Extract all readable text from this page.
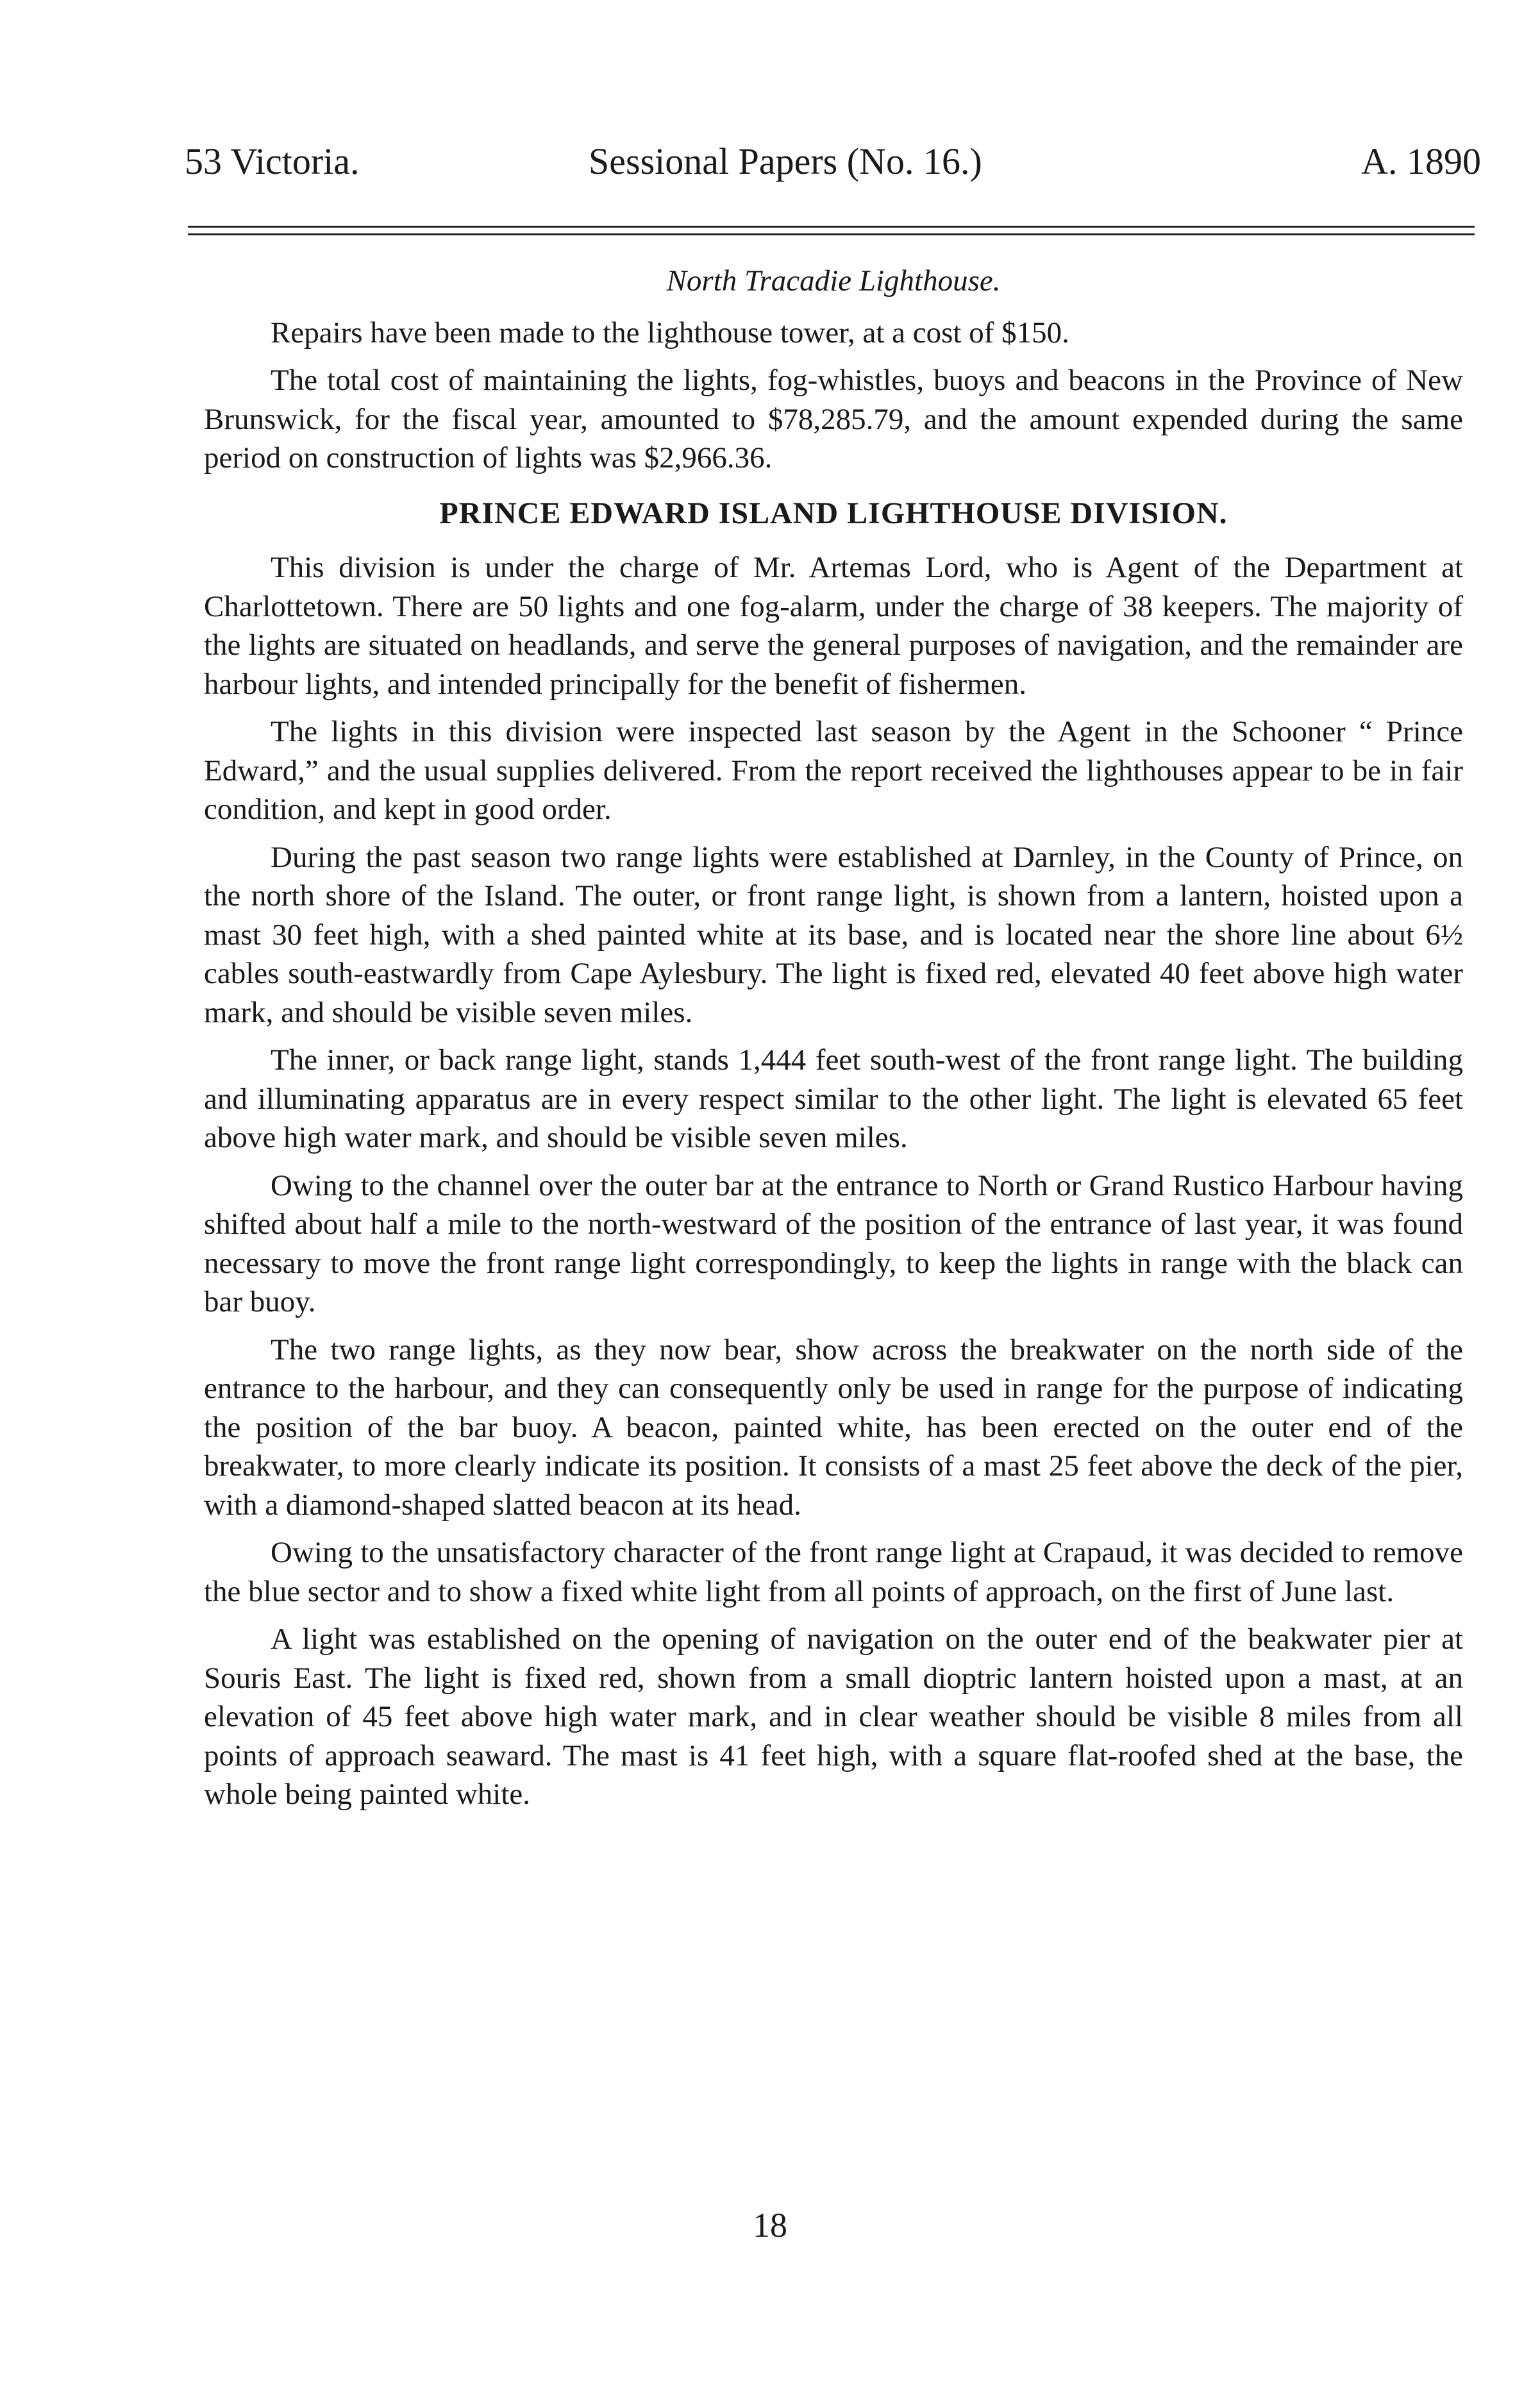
53 Victoria.	Sessional Papers (No. 16.)	A. 1890

North Tracadie Lighthouse.

Repairs have been made to the lighthouse tower, at a cost of $150.

The total cost of maintaining the lights, fog-whistles, buoys and beacons in the Province of New Brunswick, for the fiscal year, amounted to $78,285.79, and the amount expended during the same period on construction of lights was $2,966.36.

PRINCE EDWARD ISLAND LIGHTHOUSE DIVISION.

This division is under the charge of Mr. Artemas Lord, who is Agent of the Department at Charlottetown. There are 50 lights and one fog-alarm, under the charge of 38 keepers. The majority of the lights are situated on headlands, and serve the general purposes of navigation, and the remainder are harbour lights, and intended principally for the benefit of fishermen.

The lights in this division were inspected last season by the Agent in the Schooner “ Prince Edward,” and the usual supplies delivered. From the report received the lighthouses appear to be in fair condition, and kept in good order.

During the past season two range lights were established at Darnley, in the County of Prince, on the north shore of the Island. The outer, or front range light, is shown from a lantern, hoisted upon a mast 30 feet high, with a shed painted white at its base, and is located near the shore line about 6½ cables south-eastwardly from Cape Aylesbury. The light is fixed red, elevated 40 feet above high water mark, and should be visible seven miles.

The inner, or back range light, stands 1,444 feet south-west of the front range light. The building and illuminating apparatus are in every respect similar to the other light. The light is elevated 65 feet above high water mark, and should be visible seven miles.

Owing to the channel over the outer bar at the entrance to North or Grand Rustico Harbour having shifted about half a mile to the north-westward of the position of the entrance of last year, it was found necessary to move the front range light correspondingly, to keep the lights in range with the black can bar buoy.

The two range lights, as they now bear, show across the breakwater on the north side of the entrance to the harbour, and they can consequently only be used in range for the purpose of indicating the position of the bar buoy. A beacon, painted white, has been erected on the outer end of the breakwater, to more clearly indicate its position. It consists of a mast 25 feet above the deck of the pier, with a diamond-shaped slatted beacon at its head.

Owing to the unsatisfactory character of the front range light at Crapaud, it was decided to remove the blue sector and to show a fixed white light from all points of approach, on the first of June last.

A light was established on the opening of navigation on the outer end of the beakwater pier at Souris East. The light is fixed red, shown from a small dioptric lantern hoisted upon a mast, at an elevation of 45 feet above high water mark, and in clear weather should be visible 8 miles from all points of approach seaward. The mast is 41 feet high, with a square flat-roofed shed at the base, the whole being painted white.

18
